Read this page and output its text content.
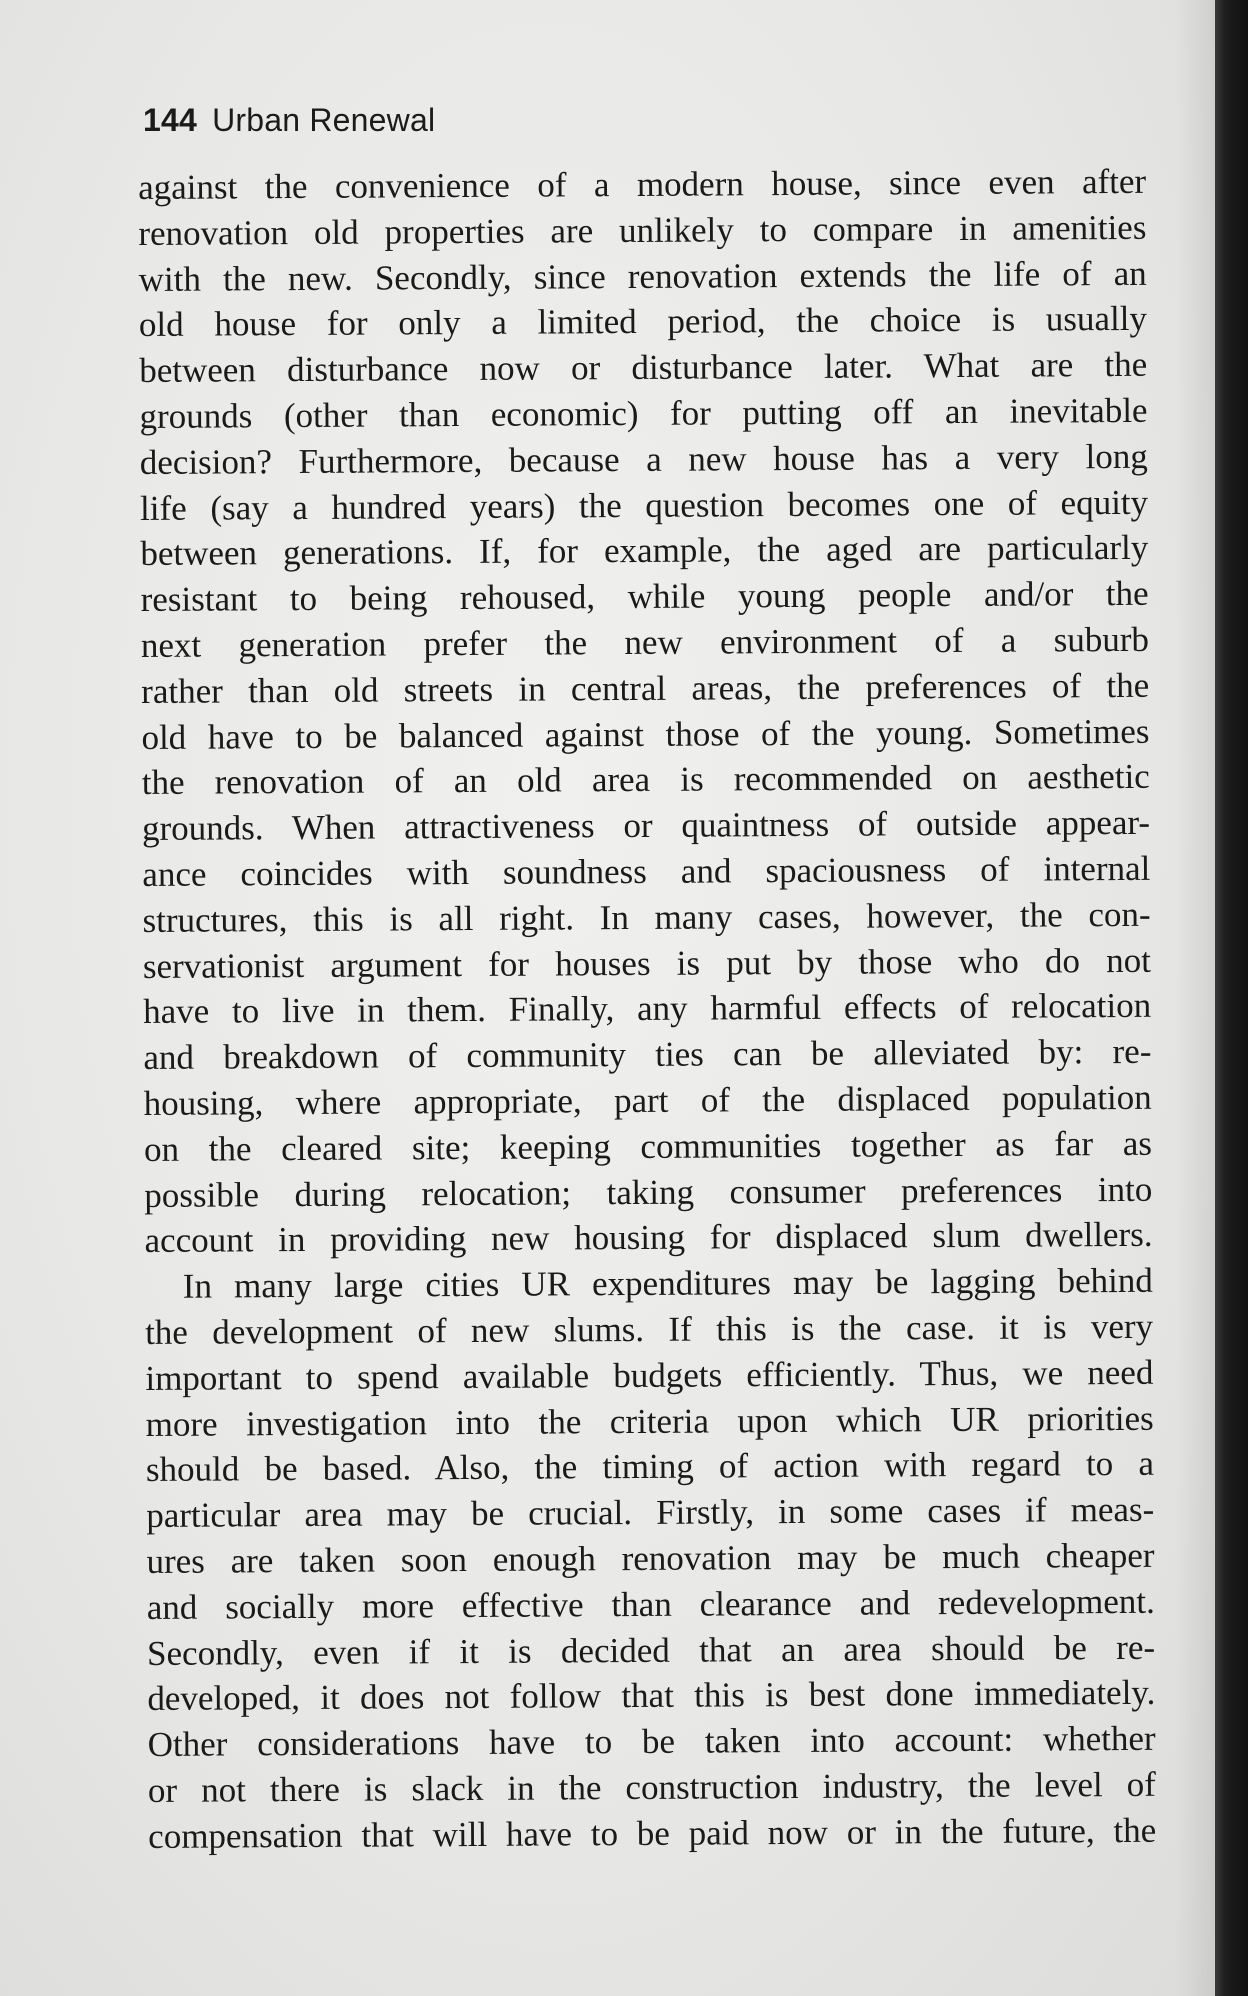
144 Urban Renewal
against the convenience of a modern house, since even after
renovation old properties are unlikely to compare in amenities
with the new. Secondly, since renovation extends the life of an
old house for only a limited period, the choice is usually
between disturbance now or disturbance later. What are the
grounds (other than economic) for putting off an inevitable
decision? Furthermore, because a new house has a very long
life (say a hundred years) the question becomes one of equity
between generations. If, for example, the aged are particularly
resistant to being rehoused, while young people and/or the
next generation prefer the new environment of a suburb
rather than old streets in central areas, the preferences of the
old have to be balanced against those of the young. Sometimes
the renovation of an old area is recommended on aesthetic
grounds. When attractiveness or quaintness of outside appear-
ance coincides with soundness and spaciousness of internal
structures, this is all right. In many cases, however, the con-
servationist argument for houses is put by those who do not
have to live in them. Finally, any harmful effects of relocation
and breakdown of community ties can be alleviated by: re-
housing, where appropriate, part of the displaced population
on the cleared site; keeping communities together as far as
possible during relocation; taking consumer preferences into
account in providing new housing for displaced slum dwellers.
In many large cities UR expenditures may be lagging behind
the development of new slums. If this is the case. it is very
important to spend available budgets efficiently. Thus, we need
more investigation into the criteria upon which UR priorities
should be based. Also, the timing of action with regard to a
particular area may be crucial. Firstly, in some cases if meas-
ures are taken soon enough renovation may be much cheaper
and socially more effective than clearance and redevelopment.
Secondly, even if it is decided that an area should be re-
developed, it does not follow that this is best done immediately.
Other considerations have to be taken into account: whether
or not there is slack in the construction industry, the level of
compensation that will have to be paid now or in the future, the
